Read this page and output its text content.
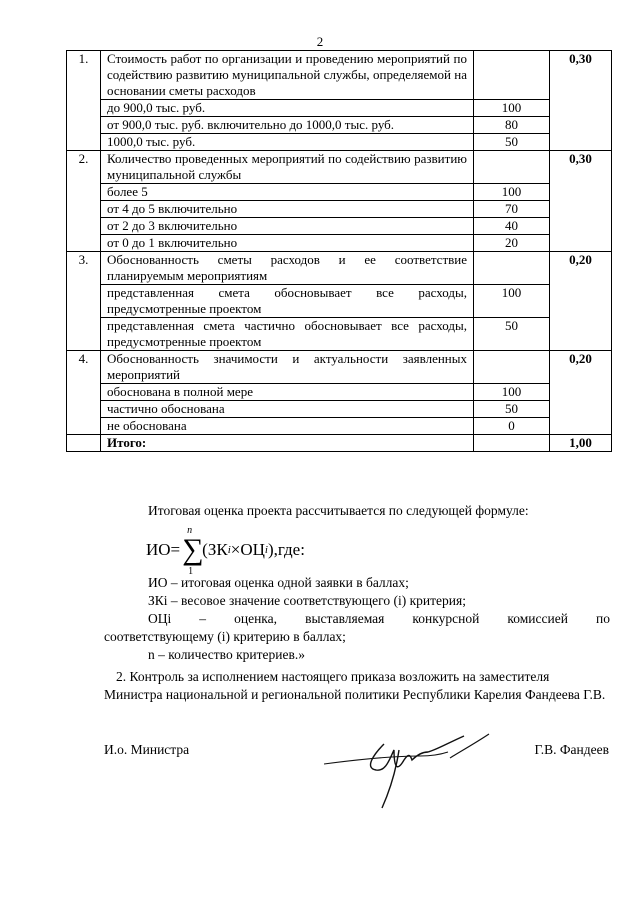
2
1.	Стоимость работ по организации и проведению мероприятий по содействию развитию муниципальной службы, определяемой на основании сметы расходов		0,30
	до 900,0 тыс. руб.	100	
	от 900,0 тыс. руб. включительно до 1000,0 тыс. руб.	80	
	1000,0 тыс. руб.	50	
2.	Количество проведенных мероприятий по содействию развитию муниципальной службы		0,30
	более 5	100	
	от 4 до 5 включительно	70	
	от 2 до 3 включительно	40	
	от 0 до 1 включительно	20	
3.	Обоснованность сметы расходов и ее соответствие планируемым мероприятиям		0,20
	представленная смета обосновывает все расходы, предусмотренные проектом	100	
	представленная смета частично обосновывает все расходы, предусмотренные проектом	50	
4.	Обоснованность значимости и актуальности заявленных мероприятий		0,20
	обоснована в полной мере	100	
	частично обоснована	50	
	не обоснована	0	
	Итого:		1,00
Итоговая оценка проекта рассчитывается по следующей формуле:
ИО= ∑
n
1
(ЗК i ×ОЦ i ),где:
ИО – итоговая оценка одной заявки в баллах;
ЗКi – весовое значение соответствующего (i) критерия;
ОЦi – оценка, выставляемая конкурсной комиссией по
соответствующему (i) критерию в баллах;
n – количество критериев.»
2. Контроль за исполнением настоящего приказа возложить на заместителя
Министра национальной и региональной политики Республики Карелия Фандеева Г.В.
И.о. Министра	Г.В. Фандеев
